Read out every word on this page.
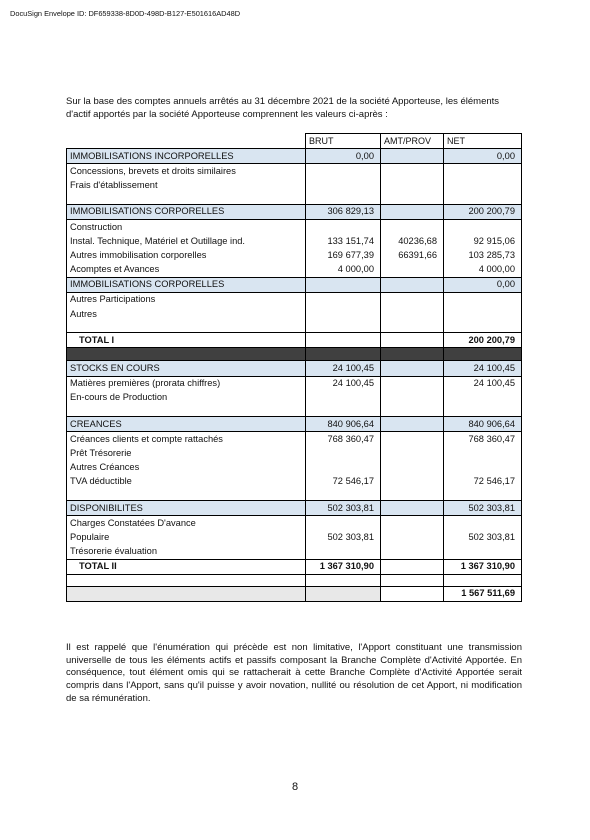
DocuSign Envelope ID: DF659338-8D0D-498D-B127-E501616AD48D
Sur la base des comptes annuels arrêtés au 31 décembre 2021 de la société Apporteuse, les éléments d'actif apportés par la société Apporteuse comprennent les valeurs ci-après :
	BRUT	AMT/PROV	NET
IMMOBILISATIONS INCORPORELLES	0,00		0,00
Concessions, brevets et droits similaires			
Frais d'établissement			

IMMOBILISATIONS CORPORELLES	306 829,13		200 200,79
Construction			
Instal. Technique, Matériel et Outillage ind.	133 151,74	40236,68	92 915,06
Autres immobilisation corporelles	169 677,39	66391,66	103 285,73
Acomptes et Avances	4 000,00		4 000,00
IMMOBILISATIONS CORPORELLES			0,00
Autres Participations			
Autres			

TOTAL I			200 200,79

STOCKS EN COURS	24 100,45		24 100,45
Matières premières (prorata chiffres)	24 100,45		24 100,45
En-cours de Production			

CREANCES	840 906,64		840 906,64
Créances clients et compte rattachés	768 360,47		768 360,47
Prêt Trésorerie			
Autres Créances			
TVA déductible	72 546,17		72 546,17

DISPONIBILITES	502 303,81		502 303,81
Charges Constatées D'avance			
Populaire	502 303,81		502 303,81
Trésorerie évaluation			
TOTAL II	1 367 310,90		1 367 310,90

			1 567 511,69
Il est rappelé que l'énumération qui précède est non limitative, l'Apport constituant une transmission universelle de tous les éléments actifs et passifs composant la Branche Complète d'Activité Apportée. En conséquence, tout élément omis qui se rattacherait à cette Branche Complète d'Activité Apportée serait compris dans l'Apport, sans qu'il puisse y avoir novation, nullité ou résolution de cet Apport, ni modification de sa rémunération.
8
